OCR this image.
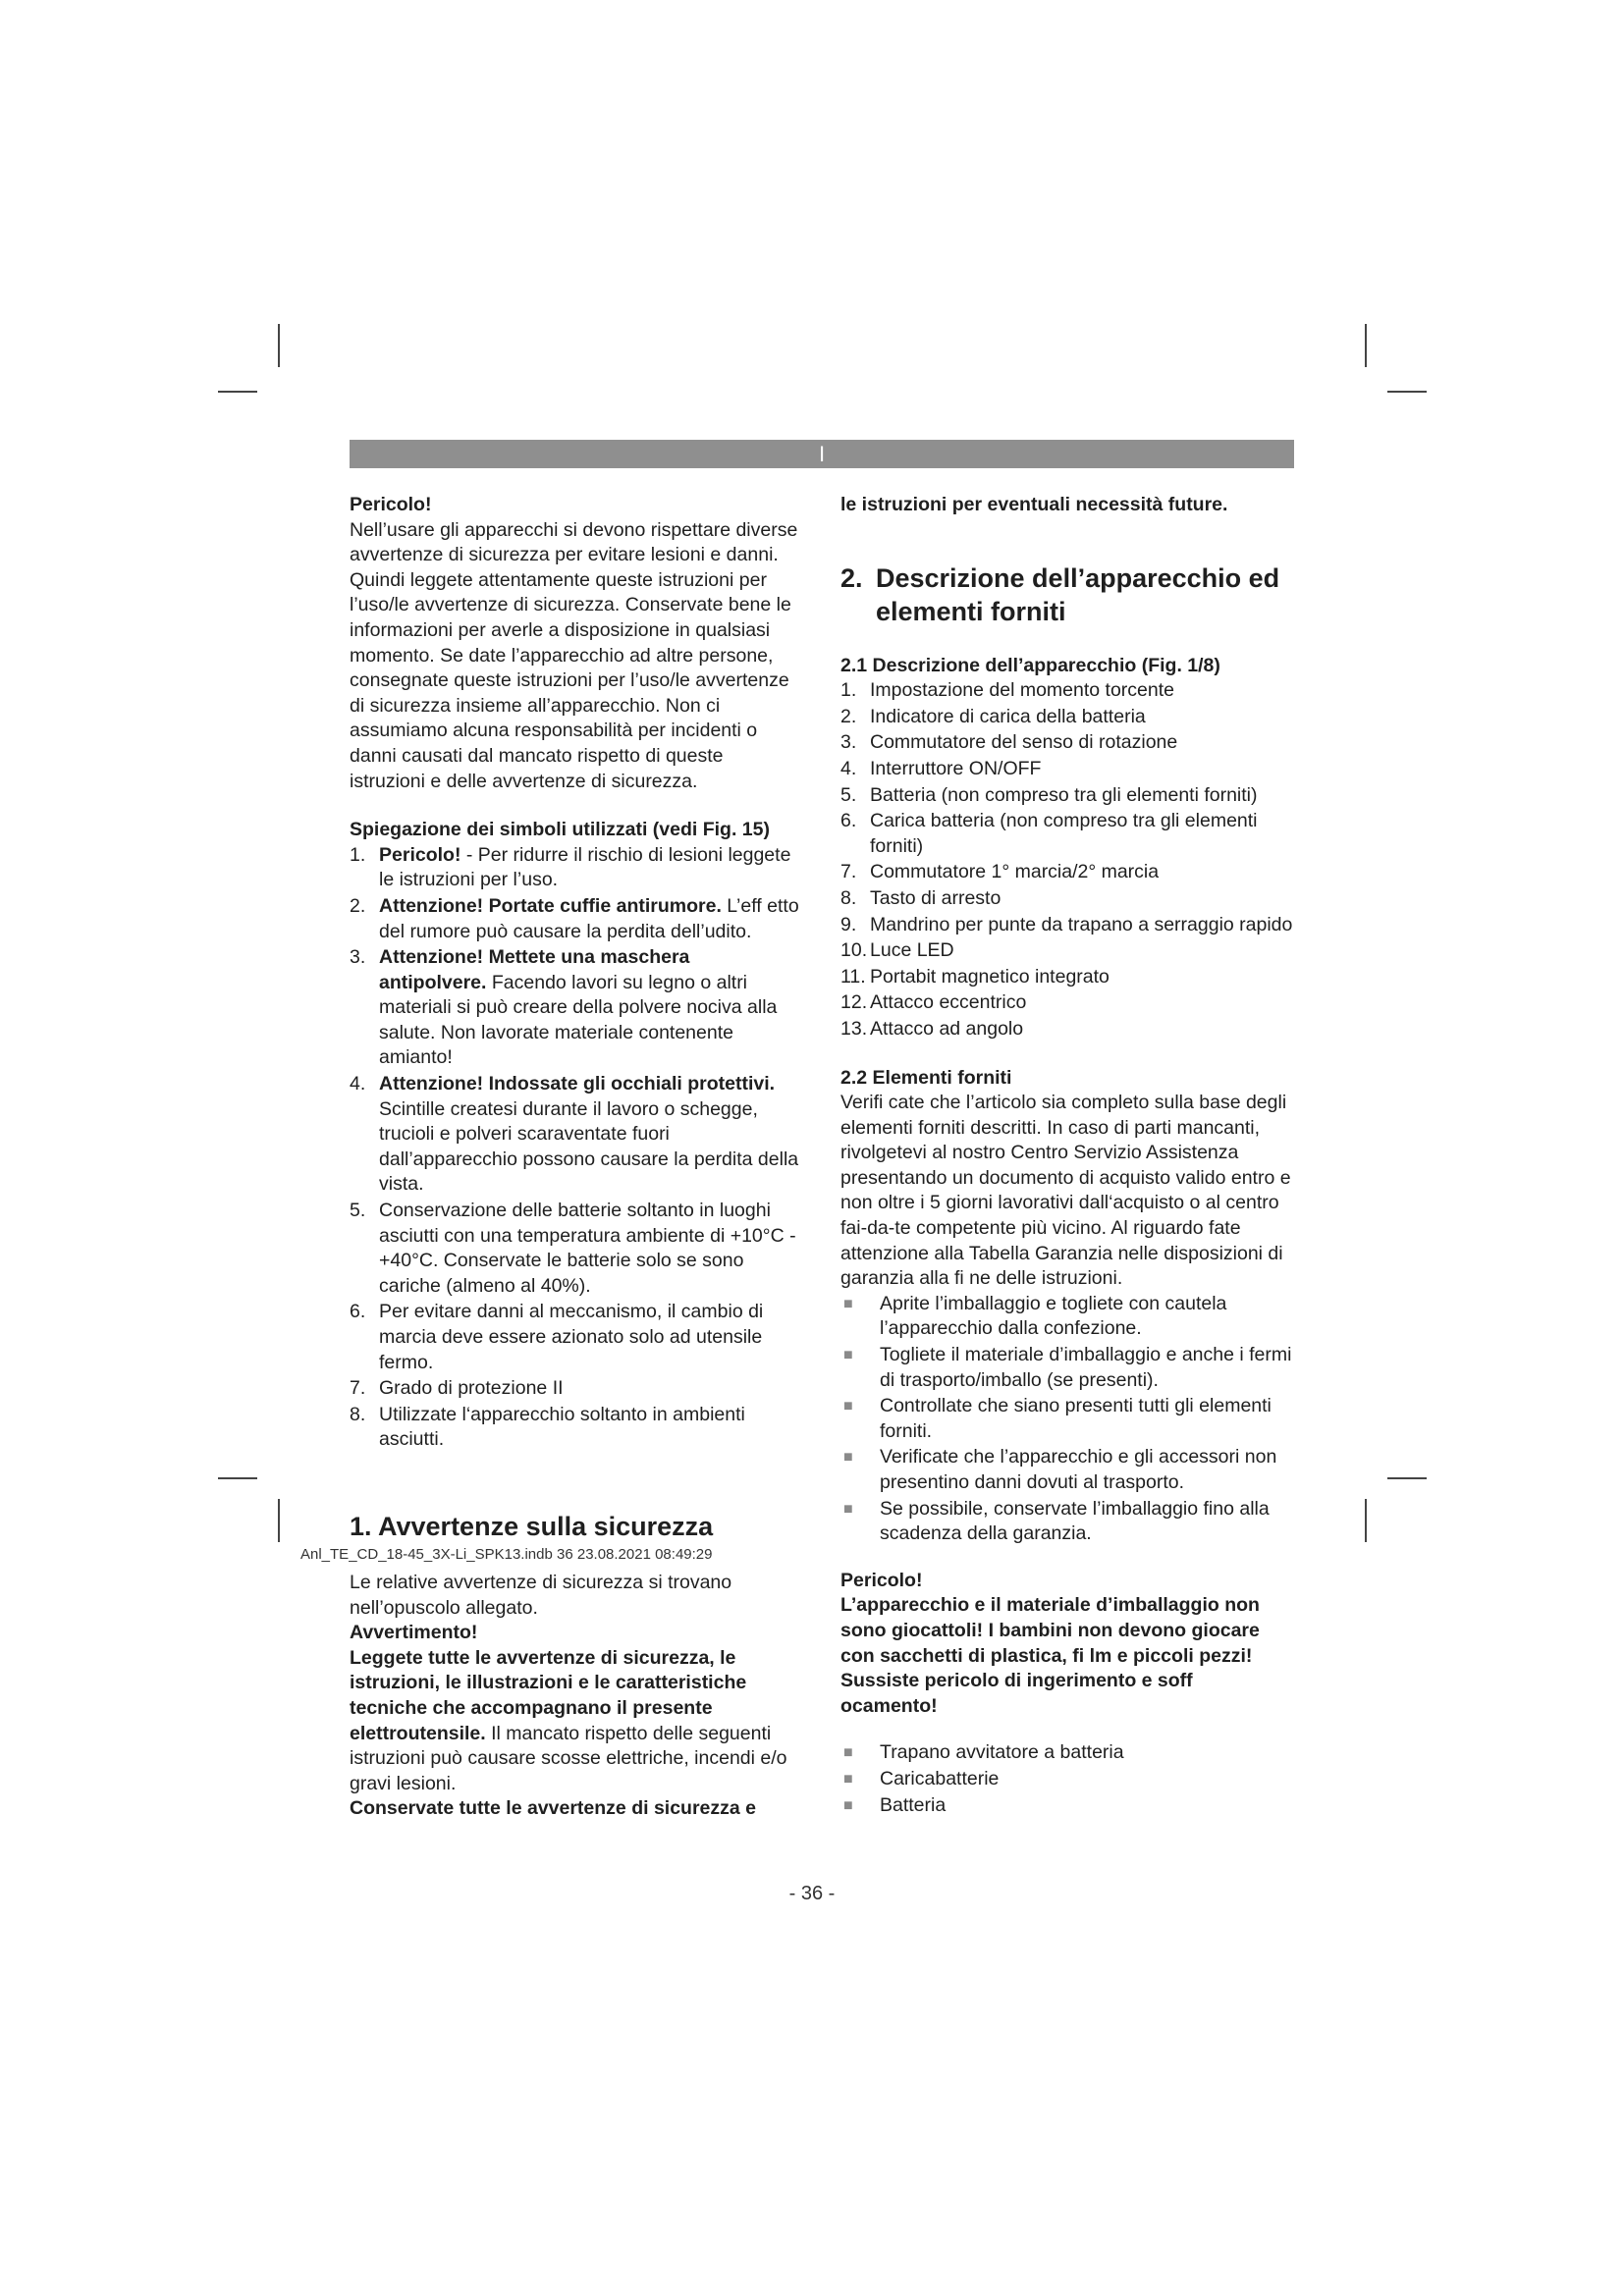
I

Pericolo!

Nell’usare gli apparecchi si devono rispettare diverse avvertenze di sicurezza per evitare lesioni e danni. Quindi leggete attentamente queste istruzioni per l’uso/le avvertenze di sicurezza. Conservate bene le informazioni per averle a disposizione in qualsiasi momento. Se date l’apparecchio ad altre persone, consegnate queste istruzioni per l’uso/le avvertenze di sicurezza insieme all’apparecchio. Non ci assumiamo alcuna responsabilità per incidenti o danni causati dal mancato rispetto di queste istruzioni e delle avvertenze di sicurezza.

Spiegazione dei simboli utilizzati (vedi Fig. 15)

1. Pericolo! - Per ridurre il rischio di lesioni leggete le istruzioni per l’uso.
2. Attenzione! Portate cuffie antirumore. L’eff etto del rumore può causare la perdita dell’udito.
3. Attenzione! Mettete una maschera antipolvere. Facendo lavori su legno o altri materiali si può creare della polvere nociva alla salute. Non lavorate materiale contenente amianto!
4. Attenzione! Indossate gli occhiali protettivi. Scintille createsi durante il lavoro o schegge, trucioli e polveri scaraventate fuori dall’apparecchio possono causare la perdita della vista.
5. Conservazione delle batterie soltanto in luoghi asciutti con una temperatura ambiente di +10°C - +40°C. Conservate le batterie solo se sono cariche (almeno al 40%).
6. Per evitare danni al meccanismo, il cambio di marcia deve essere azionato solo ad utensile fermo.
7. Grado di protezione II
8. Utilizzate l‘apparecchio soltanto in ambienti asciutti.

1. Avvertenze sulla sicurezza

Le relative avvertenze di sicurezza si trovano nell’opuscolo allegato.

Avvertimento!

Leggete tutte le avvertenze di sicurezza, le istruzioni, le illustrazioni e le caratteristiche tecniche che accompagnano il presente elettroutensile. Il mancato rispetto delle seguenti istruzioni può causare scosse elettriche, incendi e/o gravi lesioni.

Conservate tutte le avvertenze di sicurezza e

le istruzioni per eventuali necessità future.

2. Descrizione dell’apparecchio ed
elementi forniti

2.1 Descrizione dell’apparecchio (Fig. 1/8)

1. Impostazione del momento torcente
2. Indicatore di carica della batteria
3. Commutatore del senso di rotazione
4. Interruttore ON/OFF
5. Batteria (non compreso tra gli elementi forniti)
6. Carica batteria (non compreso tra gli elementi forniti)
7. Commutatore 1° marcia/2° marcia
8. Tasto di arresto
9. Mandrino per punte da trapano a serraggio rapido
10. Luce LED
11. Portabit magnetico integrato
12. Attacco eccentrico
13. Attacco ad angolo

2.2 Elementi forniti

Verifi cate che l’articolo sia completo sulla base degli elementi forniti descritti. In caso di parti mancanti, rivolgetevi al nostro Centro Servizio Assistenza presentando un documento di acquisto valido entro e non oltre i 5 giorni lavorativi dall‘acquisto o al centro fai-da-te competente più vicino. Al riguardo fate attenzione alla Tabella Garanzia nelle disposizioni di garanzia alla fi ne delle istruzioni.

■ Aprite l’imballaggio e togliete con cautela l’apparecchio dalla confezione.
■ Togliete il materiale d’imballaggio e anche i fermi di trasporto/imballo (se presenti).
■ Controllate che siano presenti tutti gli elementi forniti.
■ Verificate che l’apparecchio e gli accessori non presentino danni dovuti al trasporto.
■ Se possibile, conservate l’imballaggio fino alla scadenza della garanzia.

Pericolo!

L’apparecchio e il materiale d’imballaggio non sono giocattoli! I bambini non devono giocare con sacchetti di plastica, fi lm e piccoli pezzi! Sussiste pericolo di ingerimento e soff ocamento!

■ Trapano avvitatore a batteria
■ Caricabatterie
■ Batteria
- 36 -
Anl_TE_CD_18-45_3X-Li_SPK13.indb 36 23.08.2021 08:49:29
